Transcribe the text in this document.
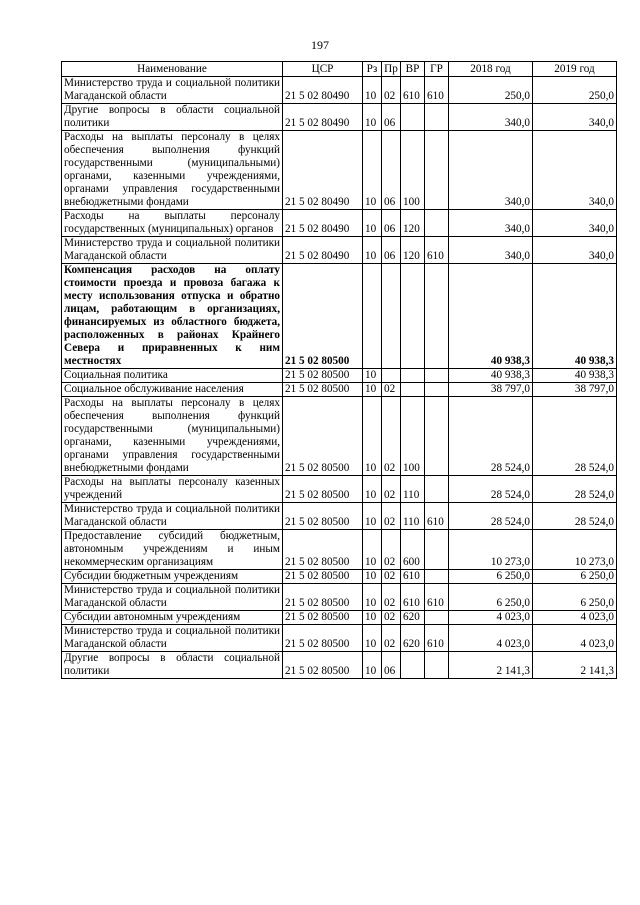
197
Наименование	ЦСР	Рз	Пр	ВР	ГР	2018 год	2019 год
Министерство труда и социальной политики Магаданской области	21 5 02 80490	10	02	610	610	250,0	250,0
Другие вопросы в области социальной политики	21 5 02 80490	10	06			340,0	340,0
Расходы на выплаты персоналу в целях обеспечения выполнения функций государственными (муниципальными) органами, казенными учреждениями, органами управления государственными внебюджетными фондами	21 5 02 80490	10	06	100		340,0	340,0
Расходы на выплаты персоналу государственных (муниципальных) органов	21 5 02 80490	10	06	120		340,0	340,0
Министерство труда и социальной политики Магаданской области	21 5 02 80490	10	06	120	610	340,0	340,0
Компенсация расходов на оплату стоимости проезда и провоза багажа к месту использования отпуска и обратно лицам, работающим в организациях, финансируемых из областного бюджета, расположенных в районах Крайнего Севера и приравненных к ним местностях	21 5 02 80500					40 938,3	40 938,3
Социальная политика	21 5 02 80500	10				40 938,3	40 938,3
Социальное обслуживание населения	21 5 02 80500	10	02			38 797,0	38 797,0
Расходы на выплаты персоналу в целях обеспечения выполнения функций государственными (муниципальными) органами, казенными учреждениями, органами управления государственными внебюджетными фондами	21 5 02 80500	10	02	100		28 524,0	28 524,0
Расходы на выплаты персоналу казенных учреждений	21 5 02 80500	10	02	110		28 524,0	28 524,0
Министерство труда и социальной политики Магаданской области	21 5 02 80500	10	02	110	610	28 524,0	28 524,0
Предоставление субсидий бюджетным, автономным учреждениям и иным некоммерческим организациям	21 5 02 80500	10	02	600		10 273,0	10 273,0
Субсидии бюджетным учреждениям	21 5 02 80500	10	02	610		6 250,0	6 250,0
Министерство труда и социальной политики Магаданской области	21 5 02 80500	10	02	610	610	6 250,0	6 250,0
Субсидии автономным учреждениям	21 5 02 80500	10	02	620		4 023,0	4 023,0
Министерство труда и социальной политики Магаданской области	21 5 02 80500	10	02	620	610	4 023,0	4 023,0
Другие вопросы в области социальной политики	21 5 02 80500	10	06			2 141,3	2 141,3
